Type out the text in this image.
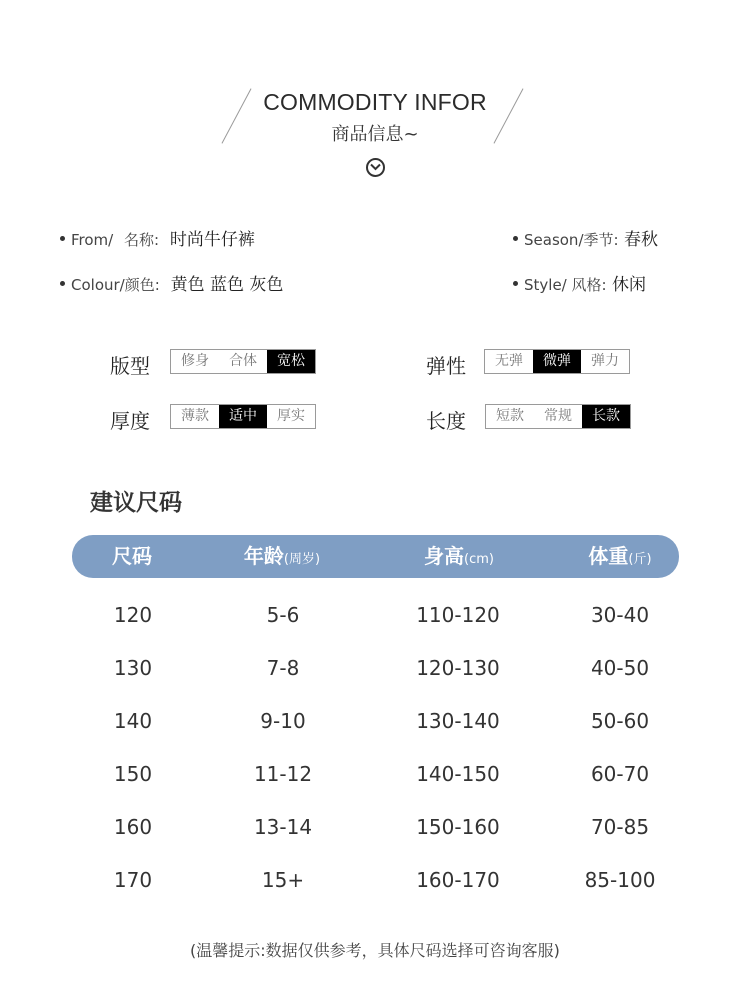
COMMODITY INFOR
商品信息~
From/ 名称: 时尚牛仔裤	Season/季节: 春秋
Colour/颜色: 黄色 蓝色 灰色	Style/ 风格: 休闲
版型	修身	合体	宽松	弹性	无弹	微弹	弹力
厚度	薄款	适中	厚实	长度	短款	常规	长款
建议尺码
尺码	年龄(周岁)	身高(cm)	体重(斤)
120	5-6	110-120	30-40
130	7-8	120-130	40-50
140	9-10	130-140	50-60
150	11-12	140-150	60-70
160	13-14	150-160	70-85
170	15+	160-170	85-100
(温馨提示:数据仅供参考，具体尺码选择可咨询客服)
